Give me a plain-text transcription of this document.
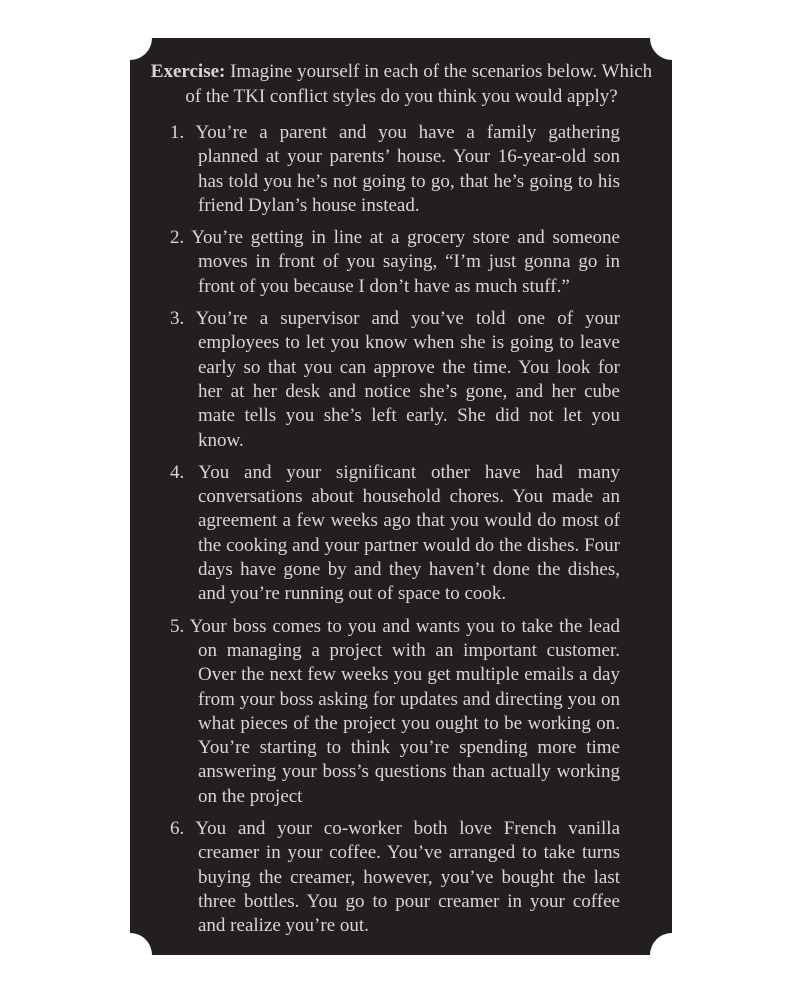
Exercise: Imagine yourself in each of the scenarios below. Which of the TKI conflict styles do you think you would apply?

1. You’re a parent and you have a family gathering planned at your parents’ house. Your 16-year-old son has told you he’s not going to go, that he’s going to his friend Dylan’s house instead.
2. You’re getting in line at a grocery store and someone moves in front of you saying, “I’m just gonna go in front of you because I don’t have as much stuff.”
3. You’re a supervisor and you’ve told one of your employees to let you know when she is going to leave early so that you can approve the time. You look for her at her desk and notice she’s gone, and her cube mate tells you she’s left early. She did not let you know.
4. You and your significant other have had many conversations about household chores. You made an agreement a few weeks ago that you would do most of the cooking and your partner would do the dishes. Four days have gone by and they haven’t done the dishes, and you’re running out of space to cook.
5. Your boss comes to you and wants you to take the lead on managing a project with an important customer. Over the next few weeks you get multiple emails a day from your boss asking for updates and directing you on what pieces of the project you ought to be working on. You’re starting to think you’re spending more time answering your boss’s questions than actually working on the project
6. You and your co-worker both love French vanilla creamer in your coffee. You’ve arranged to take turns buying the creamer, however, you’ve bought the last three bottles. You go to pour creamer in your coffee and realize you’re out.
